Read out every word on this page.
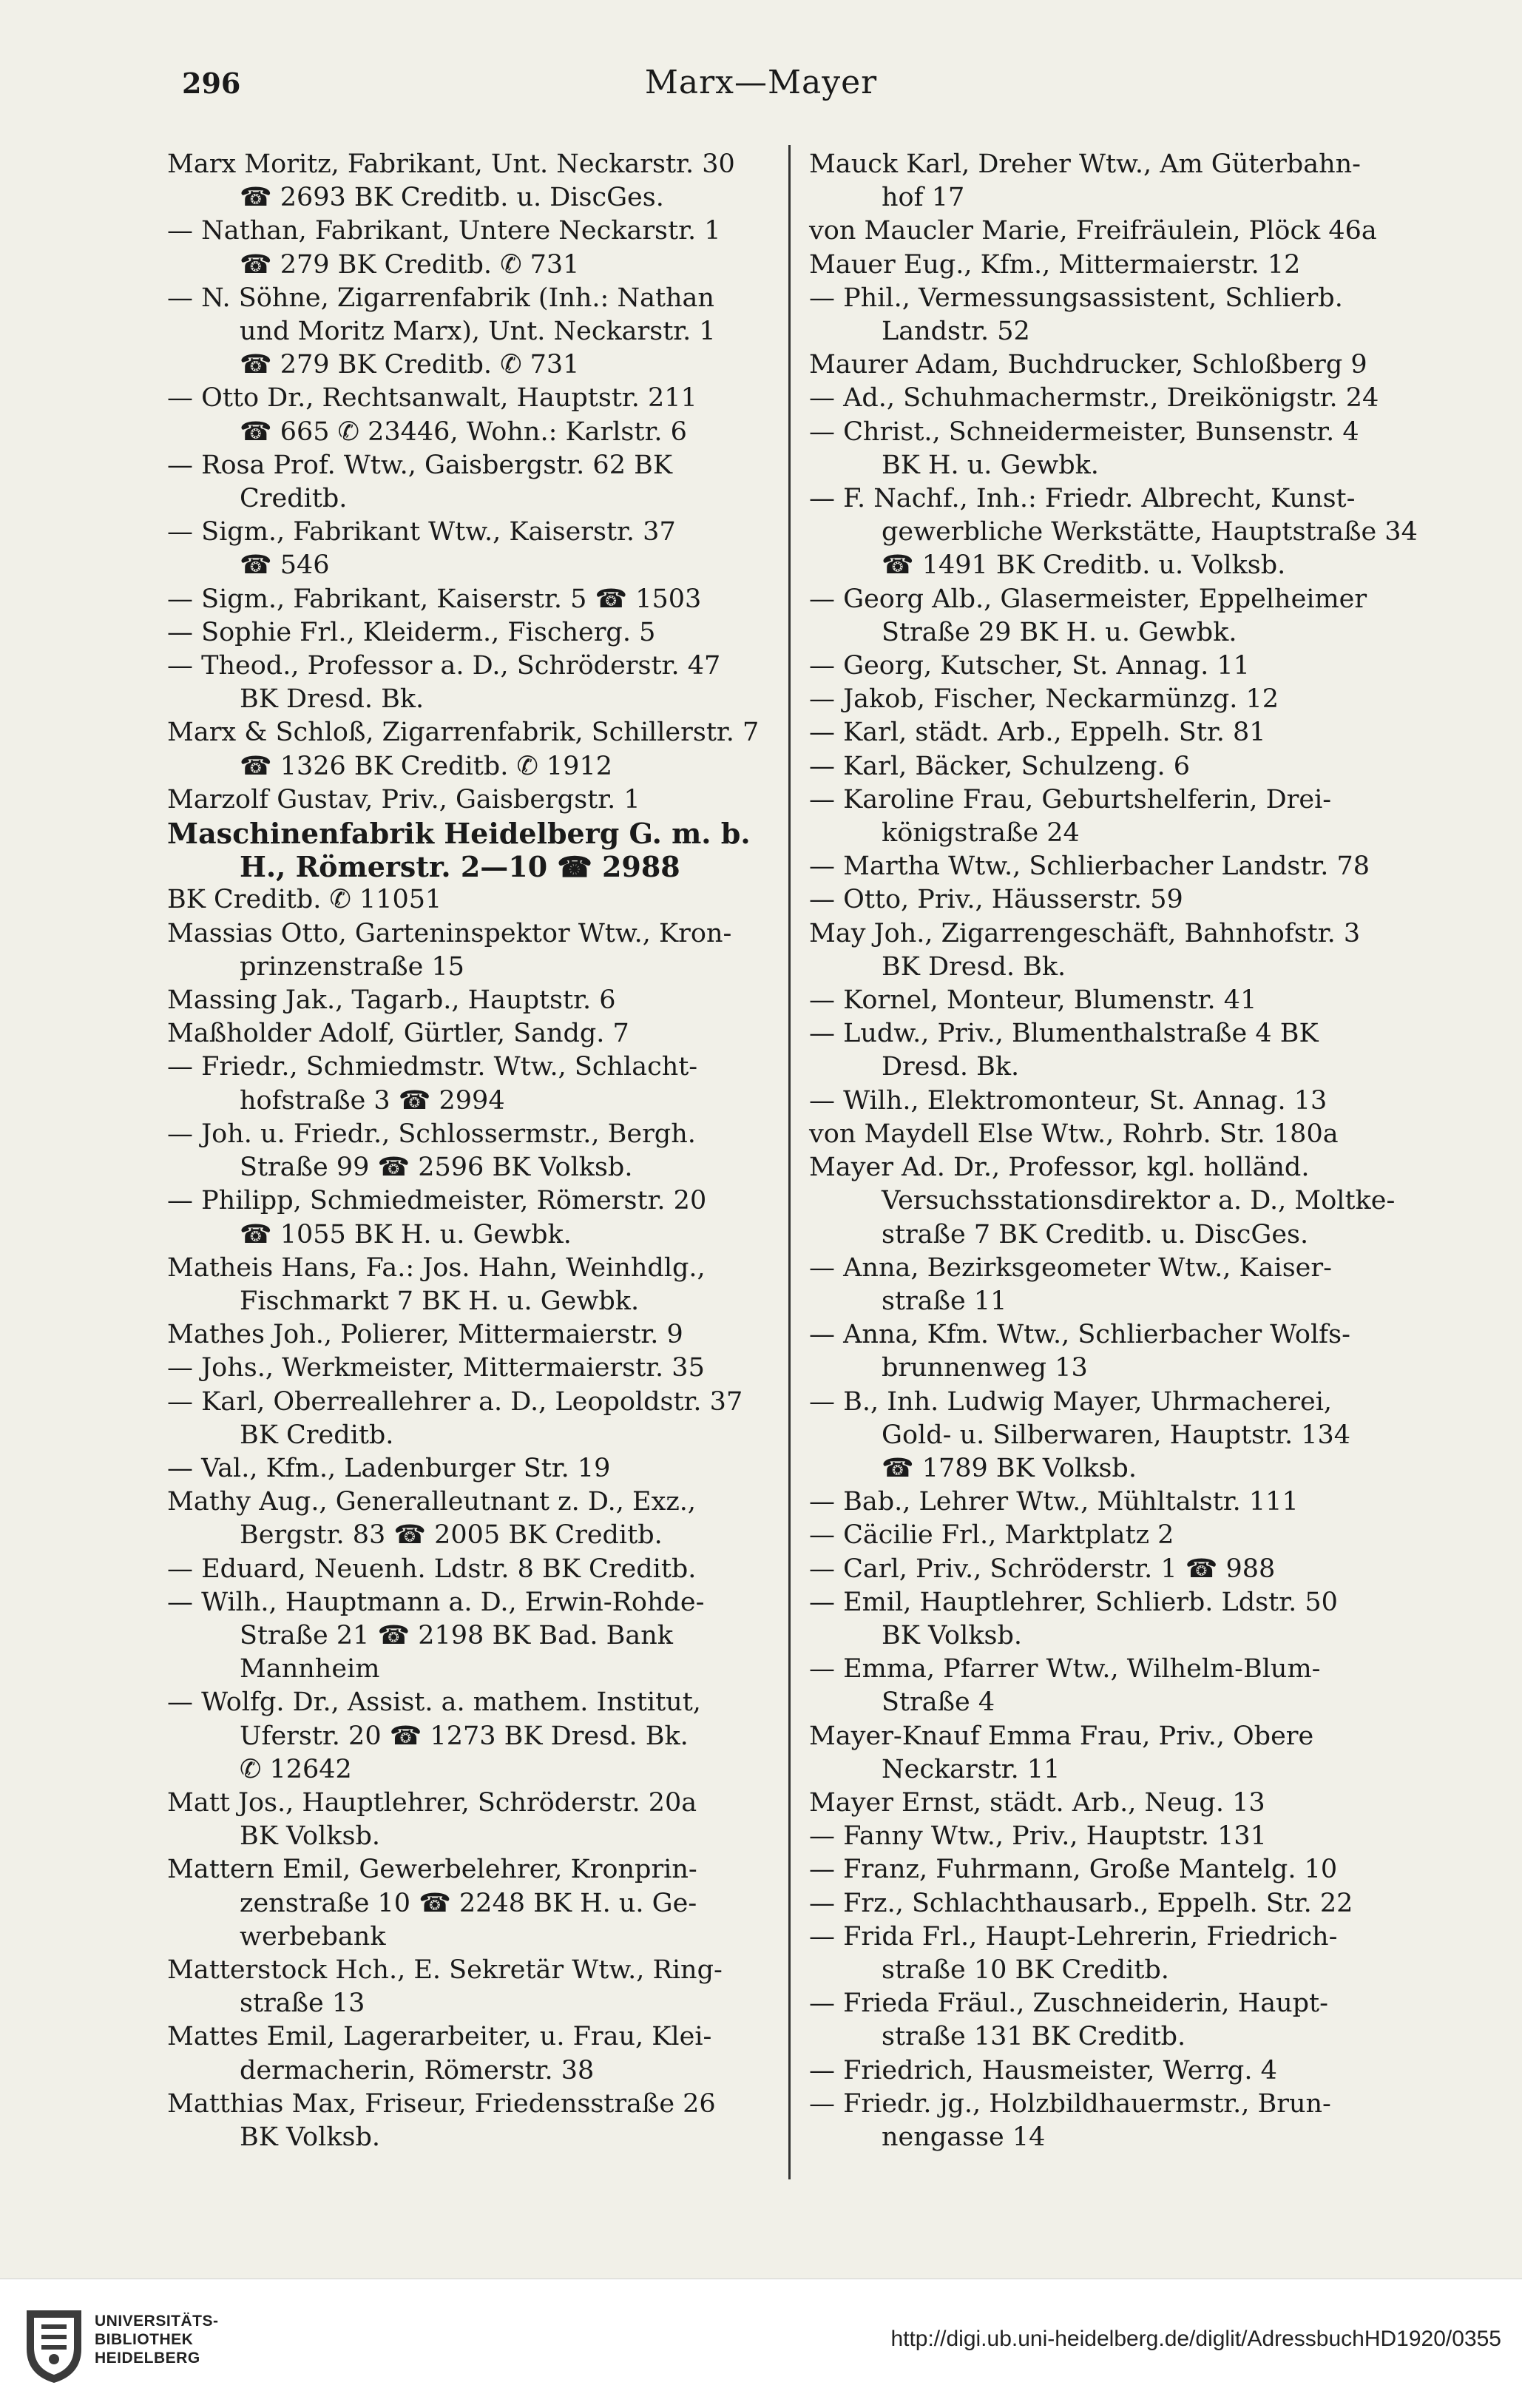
296	Marx—Mayer
Marx Moritz, Fabrikant, Unt. Neckarstr. 30
☎ 2693 BK Creditb. u. DiscGes.
— Nathan, Fabrikant, Untere Neckarstr. 1
☎ 279 BK Creditb. ✆ 731
— N. Söhne, Zigarrenfabrik (Inh.: Nathan
und Moritz Marx), Unt. Neckarstr. 1
☎ 279 BK Creditb. ✆ 731
— Otto Dr., Rechtsanwalt, Hauptstr. 211
☎ 665 ✆ 23446, Wohn.: Karlstr. 6
— Rosa Prof. Wtw., Gaisbergstr. 62 BK
Creditb.
— Sigm., Fabrikant Wtw., Kaiserstr. 37
☎ 546
— Sigm., Fabrikant, Kaiserstr. 5 ☎ 1503
— Sophie Frl., Kleiderm., Fischerg. 5
— Theod., Professor a. D., Schröderstr. 47
BK Dresd. Bk.
Marx & Schloß, Zigarrenfabrik, Schillerstr. 7
☎ 1326 BK Creditb. ✆ 1912
Marzolf Gustav, Priv., Gaisbergstr. 1
Maschinenfabrik Heidelberg G. m. b.
H., Römerstr. 2—10 ☎ 2988
BK Creditb. ✆ 11051
Massias Otto, Garteninspektor Wtw., Kron-
prinzenstraße 15
Massing Jak., Tagarb., Hauptstr. 6
Maßholder Adolf, Gürtler, Sandg. 7
— Friedr., Schmiedmstr. Wtw., Schlacht-
hofstraße 3 ☎ 2994
— Joh. u. Friedr., Schlossermstr., Bergh.
Straße 99 ☎ 2596 BK Volksb.
— Philipp, Schmiedmeister, Römerstr. 20
☎ 1055 BK H. u. Gewbk.
Matheis Hans, Fa.: Jos. Hahn, Weinhdlg.,
Fischmarkt 7 BK H. u. Gewbk.
Mathes Joh., Polierer, Mittermaierstr. 9
— Johs., Werkmeister, Mittermaierstr. 35
— Karl, Oberreallehrer a. D., Leopoldstr. 37
BK Creditb.
— Val., Kfm., Ladenburger Str. 19
Mathy Aug., Generalleutnant z. D., Exz.,
Bergstr. 83 ☎ 2005 BK Creditb.
— Eduard, Neuenh. Ldstr. 8 BK Creditb.
— Wilh., Hauptmann a. D., Erwin-Rohde-
Straße 21 ☎ 2198 BK Bad. Bank
Mannheim
— Wolfg. Dr., Assist. a. mathem. Institut,
Uferstr. 20 ☎ 1273 BK Dresd. Bk.
✆ 12642
Matt Jos., Hauptlehrer, Schröderstr. 20a
BK Volksb.
Mattern Emil, Gewerbelehrer, Kronprin-
zenstraße 10 ☎ 2248 BK H. u. Ge-
werbebank
Matterstock Hch., E. Sekretär Wtw., Ring-
straße 13
Mattes Emil, Lagerarbeiter, u. Frau, Klei-
dermacherin, Römerstr. 38
Matthias Max, Friseur, Friedensstraße 26
BK Volksb.
Mauck Karl, Dreher Wtw., Am Güterbahn-
hof 17
von Maucler Marie, Freifräulein, Plöck 46a
Mauer Eug., Kfm., Mittermaierstr. 12
— Phil., Vermessungsassistent, Schlierb.
Landstr. 52
Maurer Adam, Buchdrucker, Schloßberg 9
— Ad., Schuhmachermstr., Dreikönigstr. 24
— Christ., Schneidermeister, Bunsenstr. 4
BK H. u. Gewbk.
— F. Nachf., Inh.: Friedr. Albrecht, Kunst-
gewerbliche Werkstätte, Hauptstraße 34
☎ 1491 BK Creditb. u. Volksb.
— Georg Alb., Glasermeister, Eppelheimer
Straße 29 BK H. u. Gewbk.
— Georg, Kutscher, St. Annag. 11
— Jakob, Fischer, Neckarmünzg. 12
— Karl, städt. Arb., Eppelh. Str. 81
— Karl, Bäcker, Schulzeng. 6
— Karoline Frau, Geburtshelferin, Drei-
königstraße 24
— Martha Wtw., Schlierbacher Landstr. 78
— Otto, Priv., Häusserstr. 59
May Joh., Zigarrengeschäft, Bahnhofstr. 3
BK Dresd. Bk.
— Kornel, Monteur, Blumenstr. 41
— Ludw., Priv., Blumenthalstraße 4 BK
Dresd. Bk.
— Wilh., Elektromonteur, St. Annag. 13
von Maydell Else Wtw., Rohrb. Str. 180a
Mayer Ad. Dr., Professor, kgl. holländ.
Versuchsstationsdirektor a. D., Moltke-
straße 7 BK Creditb. u. DiscGes.
— Anna, Bezirksgeometer Wtw., Kaiser-
straße 11
— Anna, Kfm. Wtw., Schlierbacher Wolfs-
brunnenweg 13
— B., Inh. Ludwig Mayer, Uhrmacherei,
Gold- u. Silberwaren, Hauptstr. 134
☎ 1789 BK Volksb.
— Bab., Lehrer Wtw., Mühltalstr. 111
— Cäcilie Frl., Marktplatz 2
— Carl, Priv., Schröderstr. 1 ☎ 988
— Emil, Hauptlehrer, Schlierb. Ldstr. 50
BK Volksb.
— Emma, Pfarrer Wtw., Wilhelm-Blum-
Straße 4
Mayer-Knauf Emma Frau, Priv., Obere
Neckarstr. 11
Mayer Ernst, städt. Arb., Neug. 13
— Fanny Wtw., Priv., Hauptstr. 131
— Franz, Fuhrmann, Große Mantelg. 10
— Frz., Schlachthausarb., Eppelh. Str. 22
— Frida Frl., Haupt-Lehrerin, Friedrich-
straße 10 BK Creditb.
— Frieda Fräul., Zuschneiderin, Haupt-
straße 131 BK Creditb.
— Friedrich, Hausmeister, Werrg. 4
— Friedr. jg., Holzbildhauermstr., Brun-
nengasse 14
UNIVERSITÄTS-
BIBLIOTHEK
HEIDELBERG
http://digi.ub.uni-heidelberg.de/diglit/AdressbuchHD1920/0355
